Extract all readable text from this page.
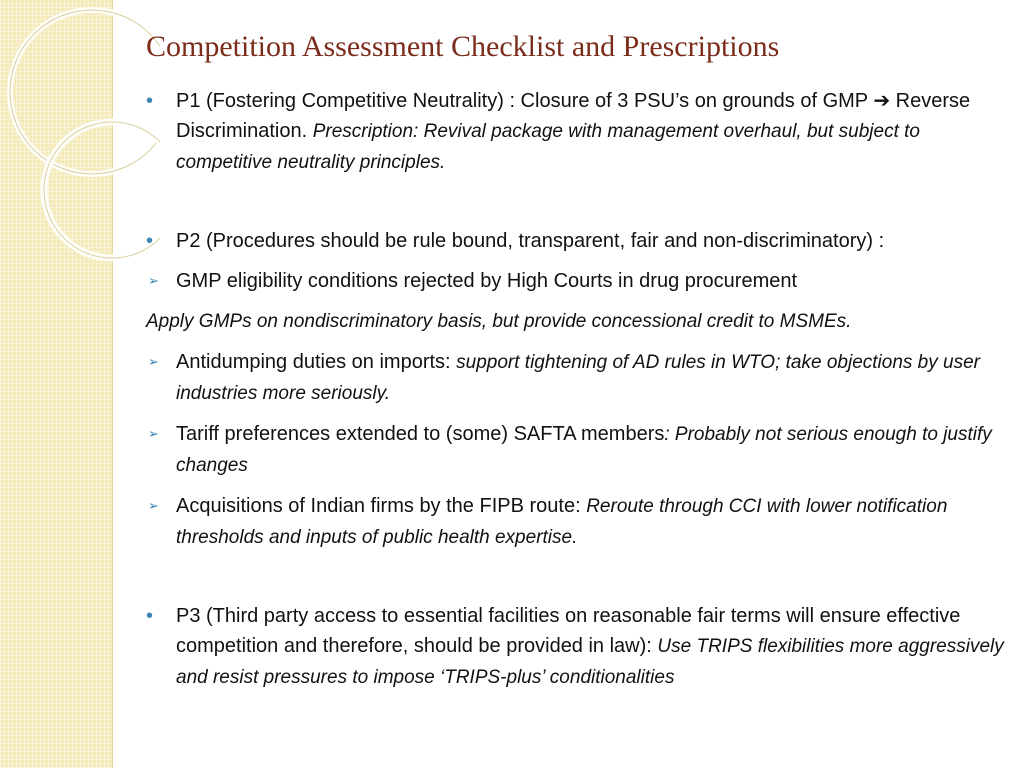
Competition Assessment Checklist and Prescriptions
•	P1 (Fostering Competitive Neutrality) : Closure of 3 PSU’s on grounds of GMP ➔ Reverse Discrimination. Prescription: Revival package with management overhaul, but subject to competitive neutrality principles.
•	P2 (Procedures should be rule bound, transparent, fair and non-discriminatory) :
➢ GMP eligibility conditions rejected by High Courts in drug procurement
Apply GMPs on nondiscriminatory basis, but provide concessional credit to MSMEs.
➢ Antidumping duties on imports: support tightening of AD rules in WTO; take objections by user industries more seriously.
➢ Tariff preferences extended to (some) SAFTA members: Probably not serious enough to justify changes
➢ Acquisitions of Indian firms by the FIPB route: Reroute through CCI with lower notification thresholds and inputs of public health expertise.
•	P3 (Third party access to essential facilities on reasonable fair terms will ensure effective competition and therefore, should be provided in law): Use TRIPS flexibilities more aggressively and resist pressures to impose ‘TRIPS-plus’ conditionalities
